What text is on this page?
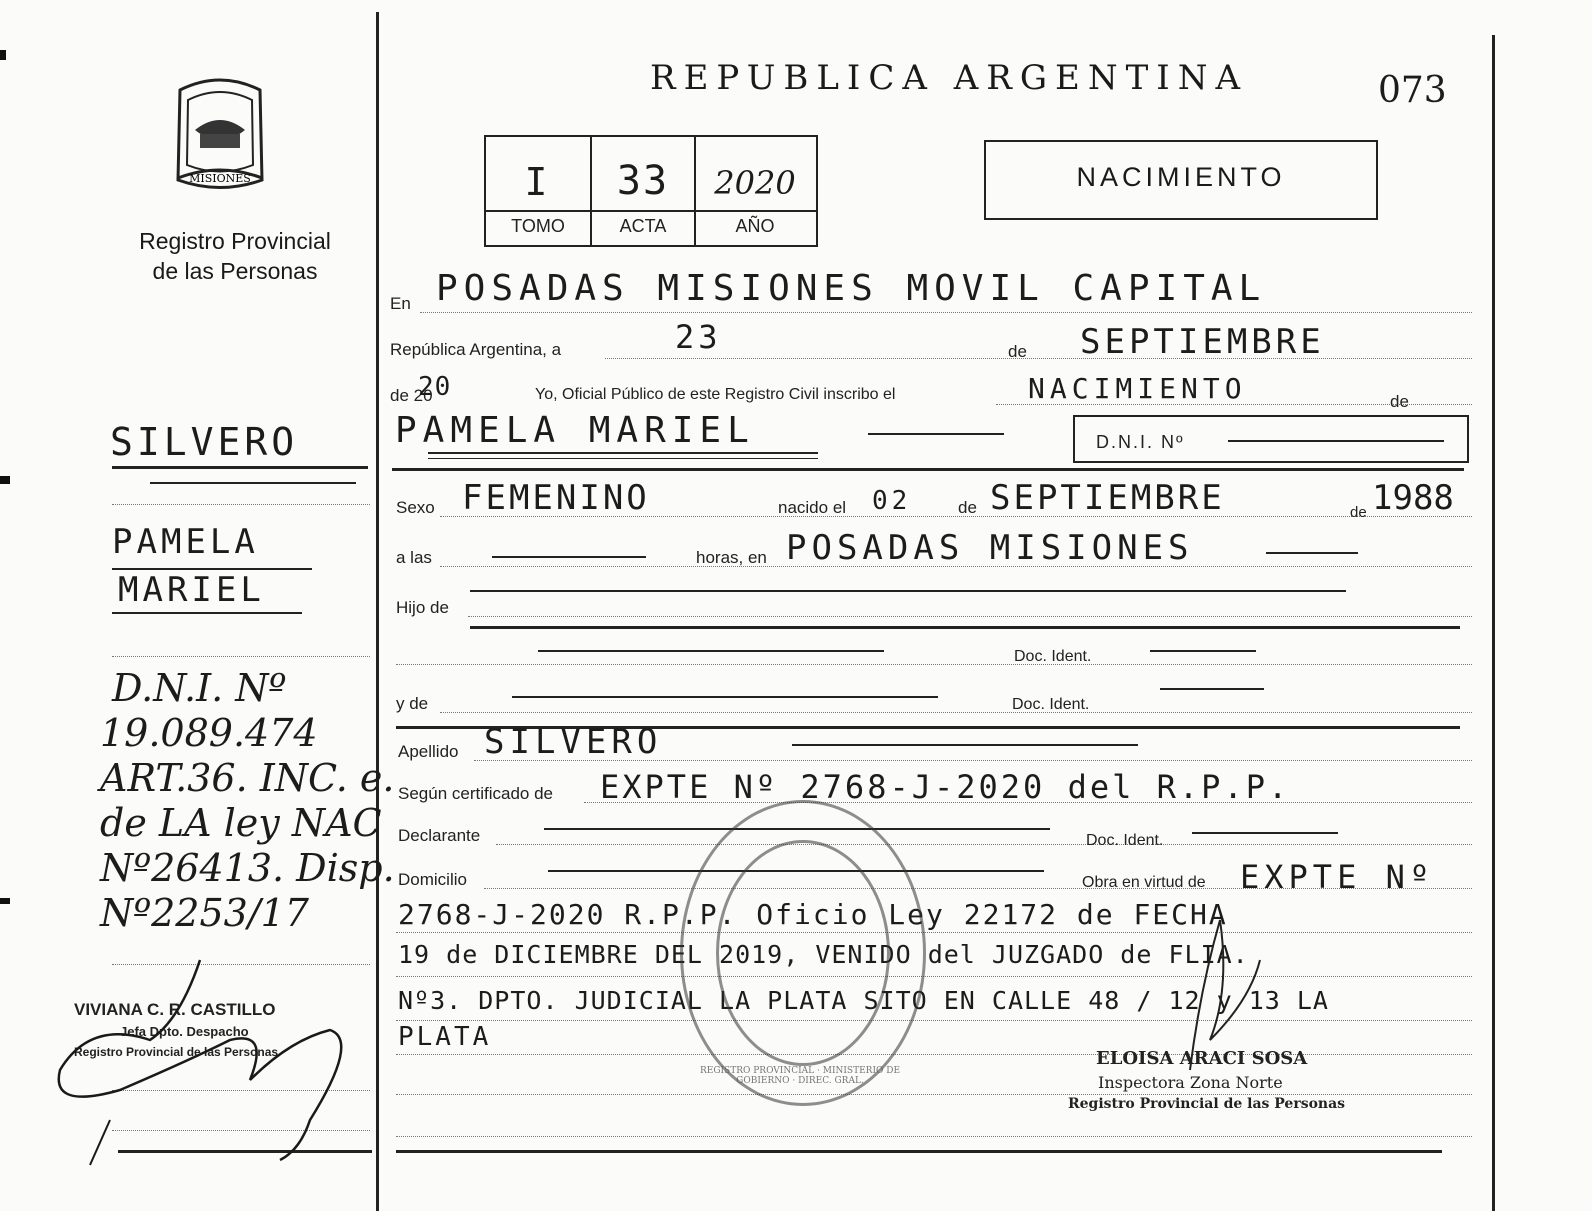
MISIONES
Registro Provincial
de las Personas
REPUBLICA ARGENTINA	073
I	33	2020
TOMO	ACTA	AÑO
NACIMIENTO
En POSADAS MISIONES MOVIL CAPITAL
República Argentina, a	23	de SEPTIEMBRE
de 20
20	Yo, Oficial Público de este Registro Civil inscribo el	NACIMIENTO	de
PAMELA MARIEL	D.N.I. Nº
Sexo FEMENINO	nacido el 02	de SEPTIEMBRE	de 1988
a las	horas, en POSADAS MISIONES
Hijo de
Doc. Ident.
y de	Doc. Ident.
Apellido SILVERO
Según certificado de EXPTE Nº 2768-J-2020 del R.P.P.
Declarante	Doc. Ident.
Domicilio	Obra en virtud de EXPTE Nº
2768-J-2020 R.P.P. Oficio Ley 22172 de FECHA
19 de DICIEMBRE DEL 2019, VENIDO del JUZGADO de FLIA.
Nº3. DPTO. JUDICIAL LA PLATA SITO EN CALLE 48 / 12 y 13 LA
PLATA
REGISTRO PROVINCIAL · MINISTERIO DE GOBIERNO · DIREC. GRAL.
ELOISA ARACI SOSA
Inspectora Zona Norte
Registro Provincial de las Personas
SILVERO
PAMELA
MARIEL
D.N.I. Nº
19.089.474
ART.36. INC. e.
de LA ley NAC
Nº26413. Disp.
Nº2253/17
VIVIANA C. R. CASTILLO
Jefa Dpto. Despacho
Registro Provincial de las Personas
